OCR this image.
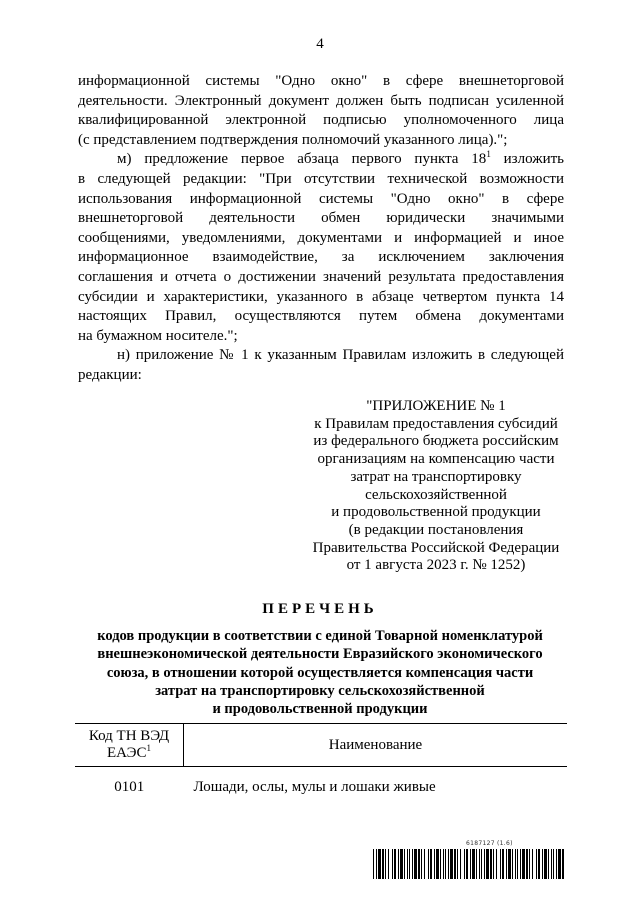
4
информационной системы "Одно окно" в сфере внешнеторговой
деятельности. Электронный документ должен быть подписан усиленной
квалифицированной электронной подписью уполномоченного лица
(с представлением подтверждения полномочий указанного лица).";
м) предложение первое абзаца первого пункта $18^1$ изложить
в следующей редакции: "При отсутствии технической возможности
использования информационной системы "Одно окно" в сфере
внешнеторговой деятельности обмен юридически значимыми
сообщениями, уведомлениями, документами и информацией и иное
информационное взаимодействие, за исключением заключения
соглашения и отчета о достижении значений результата предоставления
субсидии и характеристики, указанного в абзаце четвертом пункта 14
настоящих Правил, осуществляются путем обмена документами
на бумажном носителе.";
н) приложение № 1 к указанным Правилам изложить в следующей
редакции:
"ПРИЛОЖЕНИЕ № 1
к Правилам предоставления субсидий
из федерального бюджета российским
организациям на компенсацию части
затрат на транспортировку
сельскохозяйственной
и продовольственной продукции
(в редакции постановления
Правительства Российской Федерации
от 1 августа 2023 г. № 1252)
ПЕРЕЧЕНЬ
кодов продукции в соответствии с единой Товарной номенклатурой
внешнеэкономической деятельности Евразийского экономического
союза, в отношении которой осуществляется компенсация части
затрат на транспортировку сельскохозяйственной
и продовольственной продукции
Код ТН ВЭД
ЕАЭС$^1$	Наименование
0101	Лошади, ослы, мулы и лошаки живые
6187127 (1.6)
